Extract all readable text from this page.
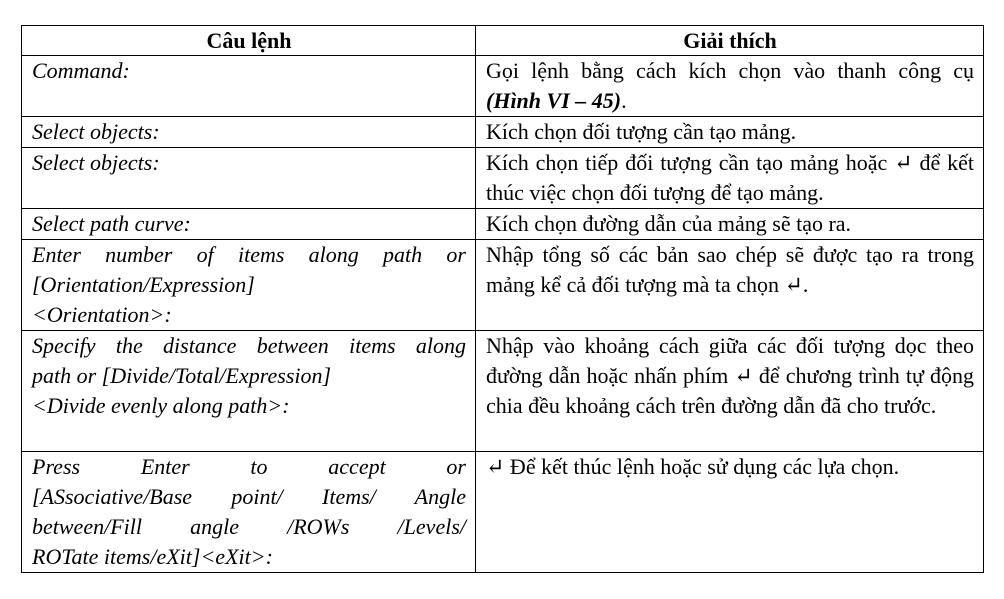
Câu lệnh	Giải thích
Command:	Gọi lệnh bằng cách kích chọn vào thanh công cụ (Hình VI – 45).
Select objects:	Kích chọn đối tượng cần tạo mảng.
Select objects:	Kích chọn tiếp đối tượng cần tạo mảng hoặc ↵ để kết thúc việc chọn đối tượng để tạo mảng.
Select path curve:	Kích chọn đường dẫn của mảng sẽ tạo ra.

Enter number of items along path or
[Orientation/Expression]
<Orientation>:	Nhập tổng số các bản sao chép sẽ được tạo ra trong mảng kể cả đối tượng mà ta chọn ↵.

Specify the distance between items along
path or [Divide/Total/Expression]
<Divide evenly along path>:	Nhập vào khoảng cách giữa các đối tượng dọc theo đường dẫn hoặc nhấn phím ↵ để chương trình tự động chia đều khoảng cách trên đường dẫn đã cho trước.

Press Enter to accept or
[ASsociative/Base point/ Items/ Angle
between/Fill angle /ROWs /Levels/
ROTate items/eXit]<eXit>:	↵ Để kết thúc lệnh hoặc sử dụng các lựa chọn.
